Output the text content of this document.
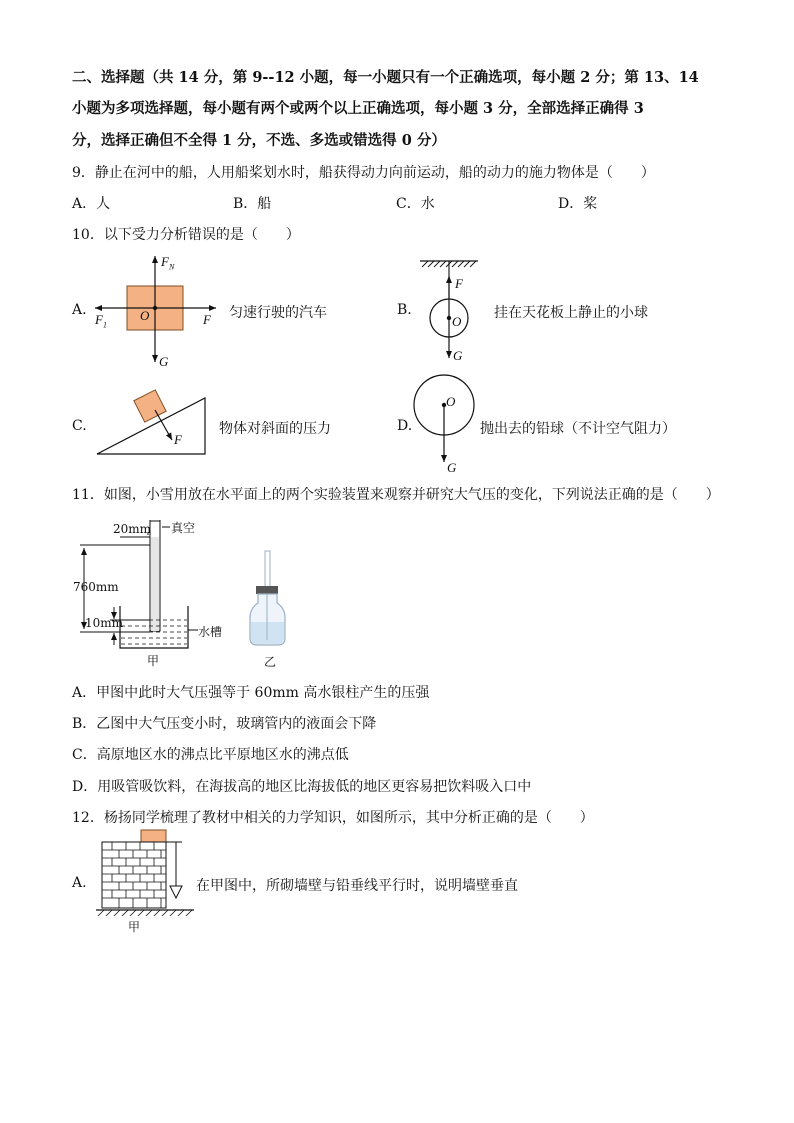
二、选择题（共 14 分，第 9--12 小题，每一小题只有一个正确选项，每小题 2 分；第 13、14
小题为多项选择题，每小题有两个或两个以上正确选项，每小题 3 分，全部选择正确得 3
分，选择正确但不全得 1 分，不选、多选或错选得 0 分）
9．静止在河中的船，人用船桨划水时，船获得动力向前运动，船的动力的施力物体是（　　）
A．人	B．船	C．水	D．桨
10．以下受力分析错误的是（　　）
A.
$F_N$
$F_1$
O	F
G
匀速行驶的汽车	B.
F
O
G
挂在天花板上静止的小球
C.
F
物体对斜面的压力	D.
O
G
抛出去的铅球（不计空气阻力）
11．如图，小雪用放在水平面上的两个实验装置来观察并研究大气压的变化，下列说法正确的是（　　）
20mm 真空
760mm
10mm
水槽
甲	乙
A．甲图中此时大气压强等于 60mm 高水银柱产生的压强
B．乙图中大气压变小时，玻璃管内的液面会下降
C．高原地区水的沸点比平原地区水的沸点低
D．用吸管吸饮料，在海拔高的地区比海拔低的地区更容易把饮料吸入口中
12．杨扬同学梳理了教材中相关的力学知识，如图所示，其中分析正确的是（　　）
A.	在甲图中，所砌墙壁与铅垂线平行时，说明墙壁垂直
甲
